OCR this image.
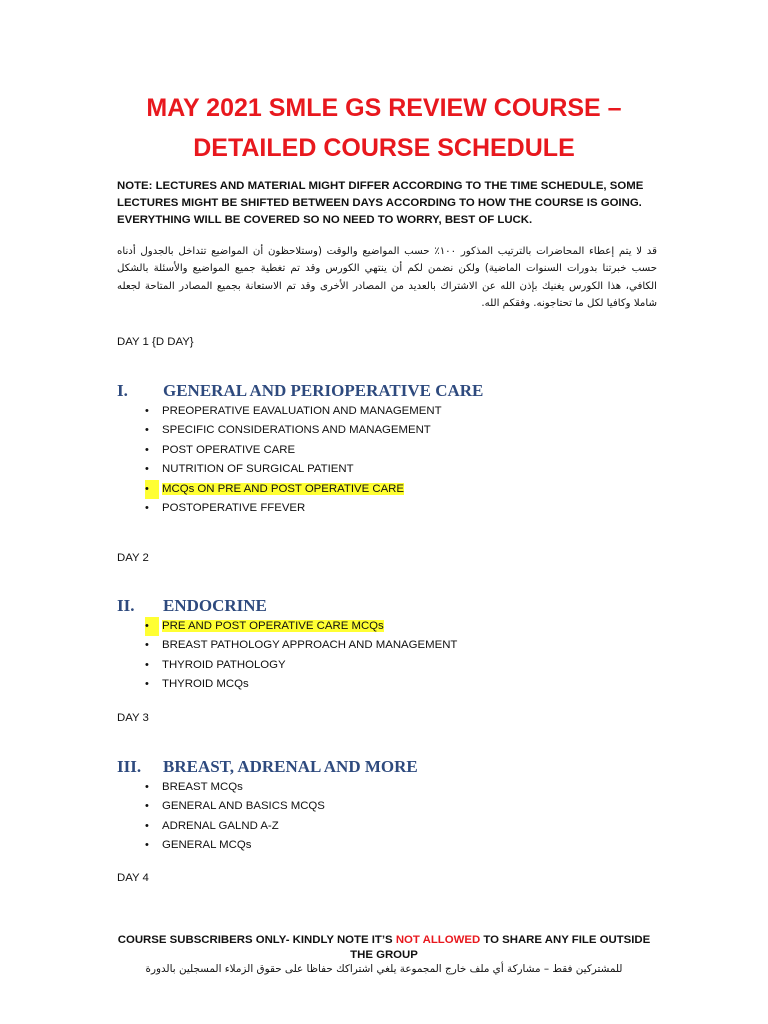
MAY 2021 SMLE GS REVIEW COURSE –
DETAILED COURSE SCHEDULE
NOTE: LECTURES AND MATERIAL MIGHT DIFFER ACCORDING TO THE TIME SCHEDULE, SOME LECTURES MIGHT BE SHIFTED BETWEEN DAYS ACCORDING TO HOW THE COURSE IS GOING. EVERYTHING WILL BE COVERED SO NO NEED TO WORRY, BEST OF LUCK.
قد لا يتم إعطاء المحاضرات بالترتيب المذكور ١٠٠٪ حسب المواضيع والوقت (وستلاحظون أن المواضيع تتداخل بالجدول أدناه حسب خبرتنا بدورات السنوات الماضية) ولكن نضمن لكم أن ينتهي الكورس وقد تم تغطية جميع المواضيع والأسئلة بالشكل الكافي، هذا الكورس يغنيك بإذن الله عن الاشتراك بالعديد من المصادر الأخرى وقد تم الاستعانة بجميع المصادر المتاحة لجعله شاملا وكافيا لكل ما تحتاجونه. وفقكم الله.
DAY 1 {D DAY}
I. GENERAL AND PERIOPERATIVE CARE
• PREOPERATIVE EAVALUATION AND MANAGEMENT
• SPECIFIC CONSIDERATIONS AND MANAGEMENT
• POST OPERATIVE CARE
• NUTRITION OF SURGICAL PATIENT
•	MCQs ON PRE AND POST OPERATIVE CARE
• POSTOPERATIVE FFEVER
DAY 2
II. ENDOCRINE
•	PRE AND POST OPERATIVE CARE MCQs
• BREAST PATHOLOGY APPROACH AND MANAGEMENT
• THYROID PATHOLOGY
• THYROID MCQs
DAY 3
III. BREAST, ADRENAL AND MORE
• BREAST MCQs
• GENERAL AND BASICS MCQS
• ADRENAL GALND A-Z
• GENERAL MCQs
DAY 4
COURSE SUBSCRIBERS ONLY- KINDLY NOTE IT’S NOT ALLOWED TO SHARE ANY FILE OUTSIDE
THE GROUP
للمشتركين فقط – مشاركة أي ملف خارج المجموعة يلغي اشتراكك حفاظا على حقوق الزملاء المسجلين بالدورة
